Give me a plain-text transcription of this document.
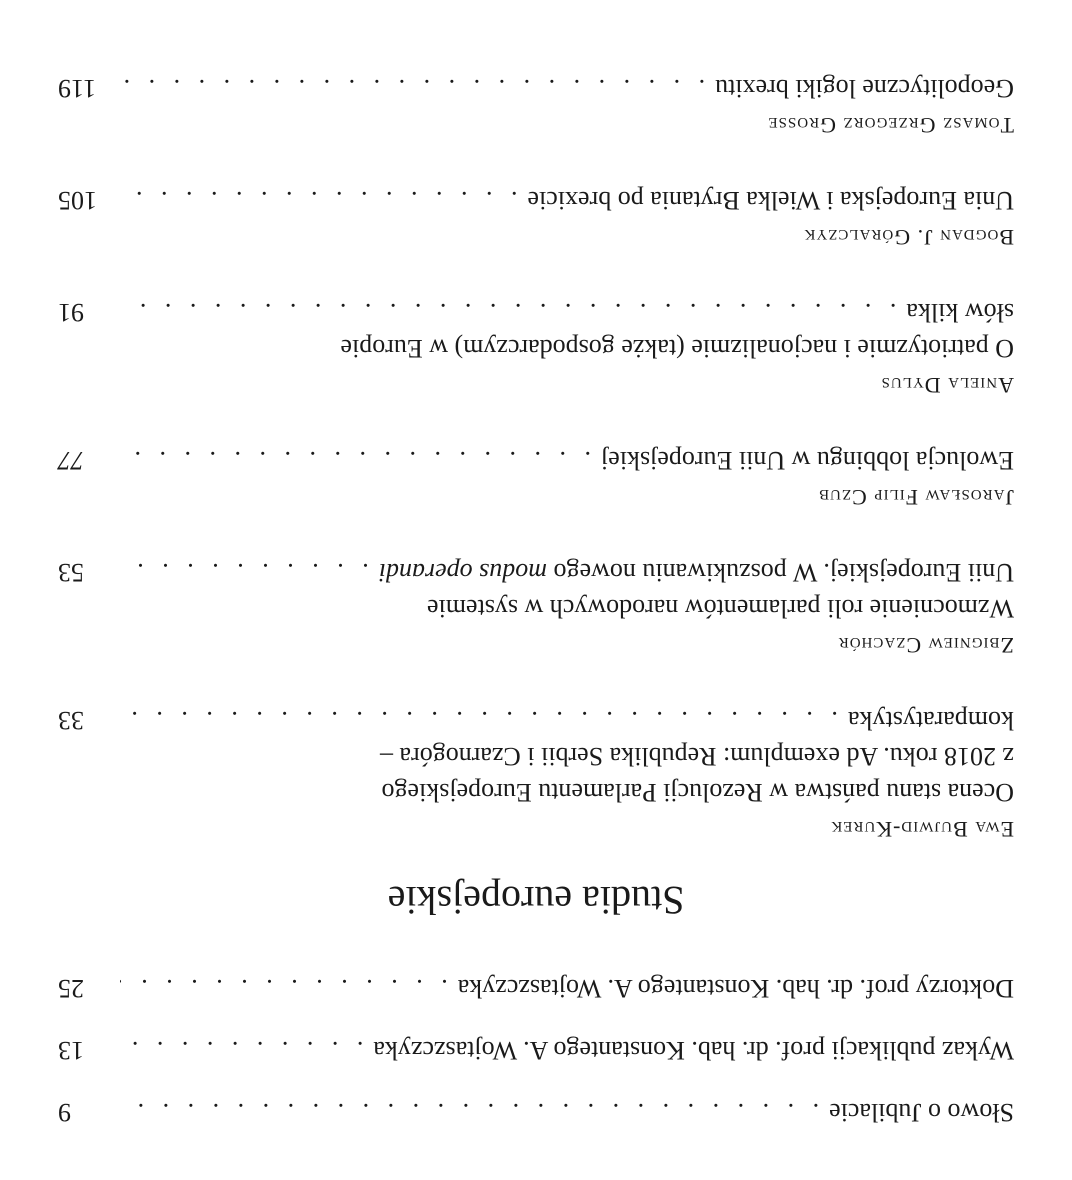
Słowo o Jubilacie
. . .
9
Wykaz publikacji prof. dr. hab. Konstantego A. Wojtaszczyka
. . .
13
Doktorzy prof. dr. hab. Konstantego A. Wojtaszczyka
. . .
25
Studia europejskie
Ewa Bujwid-Kurek
Ocena stanu państwa w Rezolucji Parlamentu Europejskiego
z 2018 roku. Ad exemplum: Republika Serbii i Czarnogóra –
komparatystyka
. . .
33
Zbigniew Czachór
Wzmocnienie roli parlamentów narodowych w systemie
Unii Europejskiej. W poszukiwaniu nowego modus operandi
. . .
53
Jarosław Filip Czub
Ewolucja lobbingu w Unii Europejskiej
. . .
77
Aniela Dylus
O patriotyzmie i nacjonalizmie (także gospodarczym) w Europie
słów kilka
. . .
91
Bogdan J. Góralczyk
Unia Europejska i Wielka Brytania po brexicie
. . .
105
Tomasz Grzegorz Grosse
Geopolityczne logiki brexitu
. . .
119
